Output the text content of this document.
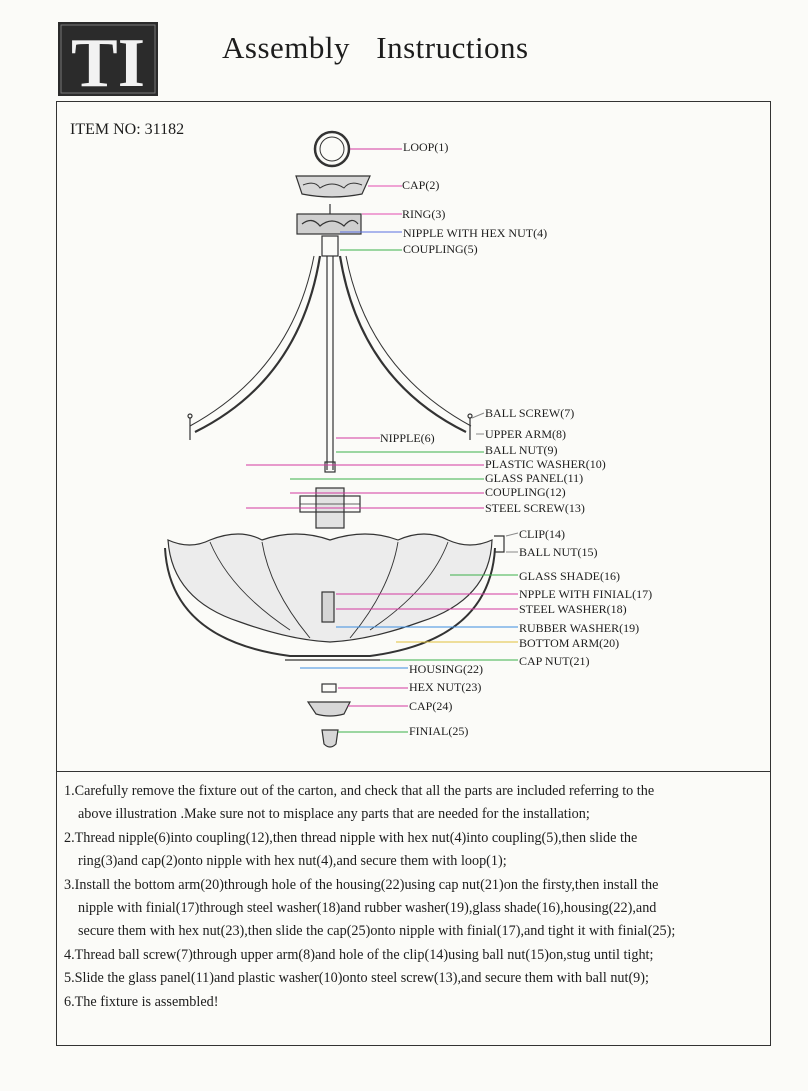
TI Assembly Instructions
ITEM NO: 31182
LOOP(1)
CAP(2)
RING(3)
NIPPLE WITH HEX NUT(4)
COUPLING(5)
NIPPLE(6)
BALL SCREW(7)
UPPER ARM(8)
BALL NUT(9)
PLASTIC WASHER(10)
GLASS PANEL(11)
COUPLING(12)
STEEL SCREW(13)
CLIP(14)
BALL NUT(15)
GLASS SHADE(16)
NPPLE WITH FINIAL(17)
STEEL WASHER(18)
RUBBER WASHER(19)
BOTTOM ARM(20)
CAP NUT(21)
HOUSING(22)
HEX NUT(23)
CAP(24)
FINIAL(25)
1.Carefully remove the fixture out of the carton, and check that all the parts are included referring to the
above illustration .Make sure not to misplace any parts that are needed for the installation;
2.Thread nipple(6)into coupling(12),then thread nipple with hex nut(4)into coupling(5),then slide the
ring(3)and cap(2)onto nipple with hex nut(4),and secure them with loop(1);
3.Install the bottom arm(20)through hole of the housing(22)using cap nut(21)on the firsty,then install the
nipple with finial(17)through steel washer(18)and rubber washer(19),glass shade(16),housing(22),and
secure them with hex nut(23),then slide the cap(25)onto nipple with finial(17),and tight it with finial(25);
4.Thread ball screw(7)through upper arm(8)and hole of the clip(14)using ball nut(15)on,stug until tight;
5.Slide the glass panel(11)and plastic washer(10)onto steel screw(13),and secure them with ball nut(9);
6.The fixture is assembled!
